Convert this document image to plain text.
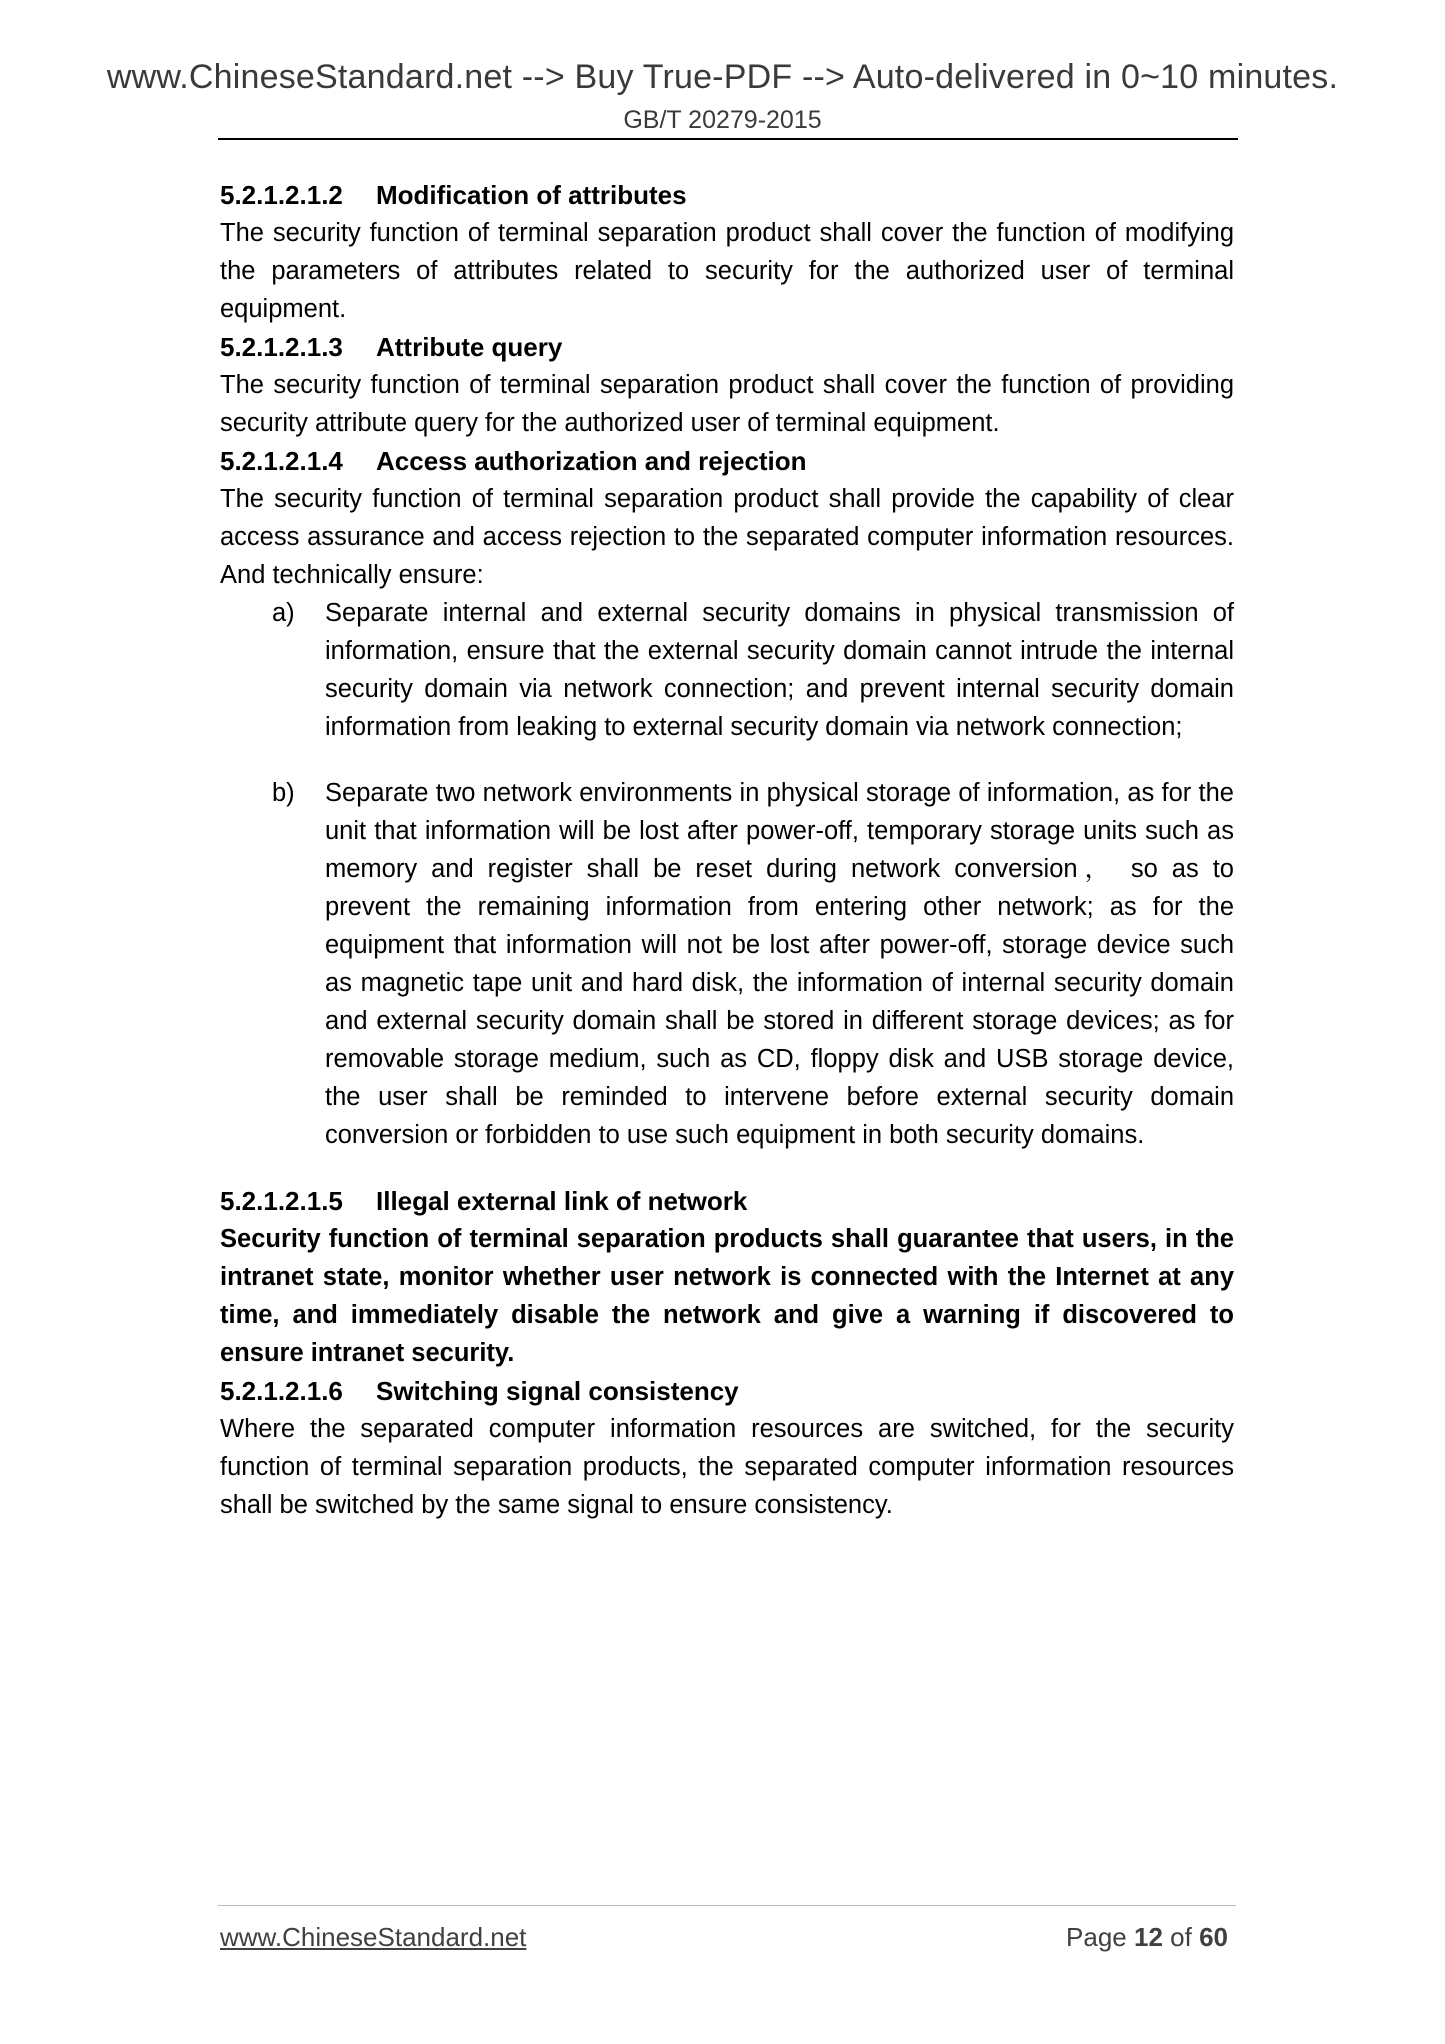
www.ChineseStandard.net --> Buy True-PDF --> Auto-delivered in 0~10 minutes.
GB/T 20279-2015

5.2.1.2.1.2 Modification of attributes

The security function of terminal separation product shall cover the function of modifying the parameters of attributes related to security for the authorized user of terminal equipment.

5.2.1.2.1.3 Attribute query

The security function of terminal separation product shall cover the function of providing security attribute query for the authorized user of terminal equipment.

5.2.1.2.1.4 Access authorization and rejection

The security function of terminal separation product shall provide the capability of clear access assurance and access rejection to the separated computer information resources. And technically ensure:

a) Separate internal and external security domains in physical transmission of information, ensure that the external security domain cannot intrude the internal security domain via network connection; and prevent internal security domain information from leaking to external security domain via network connection;
b) Separate two network environments in physical storage of information, as for the unit that information will be lost after power-off, temporary storage units such as memory and register shall be reset during network conversion， so as to prevent the remaining information from entering other network; as for the equipment that information will not be lost after power-off, storage device such as magnetic tape unit and hard disk, the information of internal security domain and external security domain shall be stored in different storage devices; as for removable storage medium, such as CD, floppy disk and USB storage device, the user shall be reminded to intervene before external security domain conversion or forbidden to use such equipment in both security domains.

5.2.1.2.1.5 Illegal external link of network

Security function of terminal separation products shall guarantee that users, in the intranet state, monitor whether user network is connected with the Internet at any time, and immediately disable the network and give a warning if discovered to ensure intranet security.

5.2.1.2.1.6 Switching signal consistency

Where the separated computer information resources are switched, for the security function of terminal separation products, the separated computer information resources shall be switched by the same signal to ensure consistency.

www.ChineseStandard.net	Page 12 of 60
